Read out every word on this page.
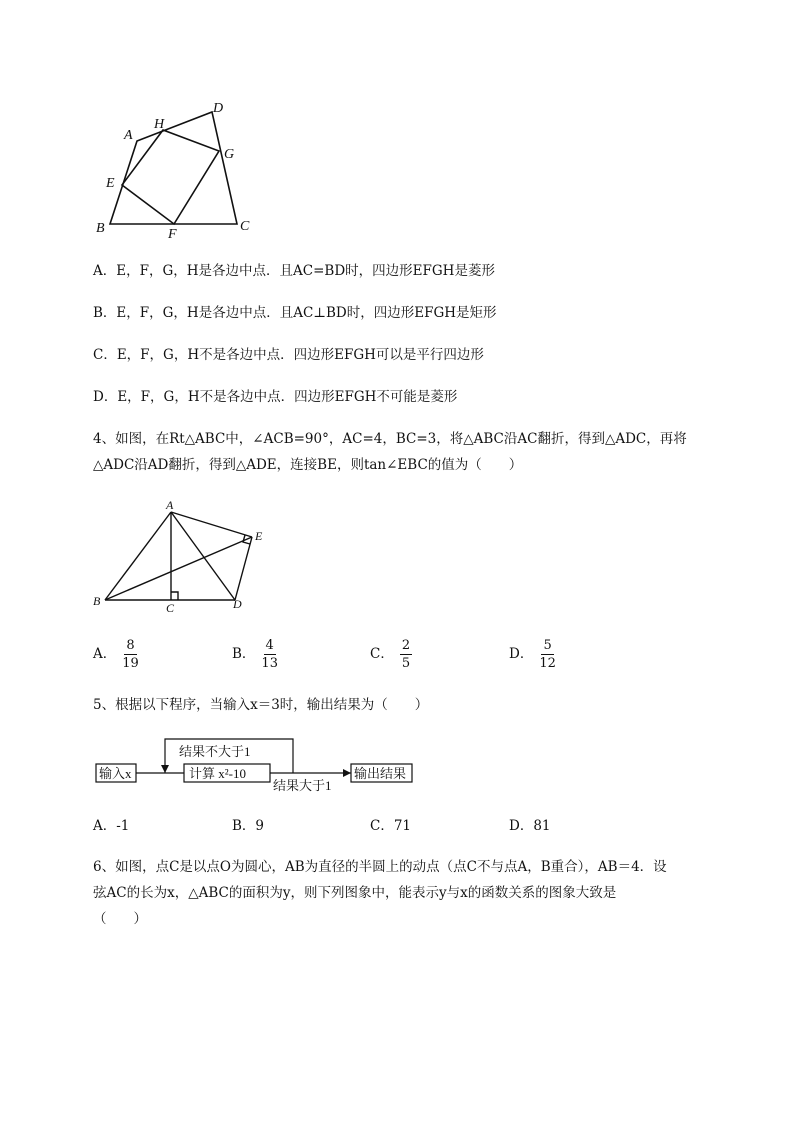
A
H
D
G
E
B	F
C
A．E，F，G，H是各边中点．且AC=BD时，四边形EFGH是菱形
B．E，F，G，H是各边中点．且AC⊥BD时，四边形EFGH是矩形
C．E，F，G，H不是各边中点．四边形EFGH可以是平行四边形
D．E，F，G，H不是各边中点．四边形EFGH不可能是菱形
4、如图，在Rt△ABC中，∠ACB=90°，AC=4，BC=3，将△ABC沿AC翻折，得到△ADC，再将
△ADC沿AD翻折，得到△ADE，连接BE，则tan∠EBC的值为（　　）
A
E
B	C	D
A． $\frac{8}{19}$	B． $\frac{4}{13}$	C． $\frac{2}{5}$	D． $\frac{5}{12}$
5、根据以下程序，当输入x＝3时，输出结果为（　　）
输入x
结果不大于1
计算 x²-10
结果大于1
输出结果
A．-1	B．9	C．71	D．81
6、如图，点C是以点O为圆心，AB为直径的半圆上的动点（点C不与点A，B重合），AB＝4．设
弦AC的长为x，△ABC的面积为y，则下列图象中，能表示y与x的函数关系的图象大致是
（　　）
